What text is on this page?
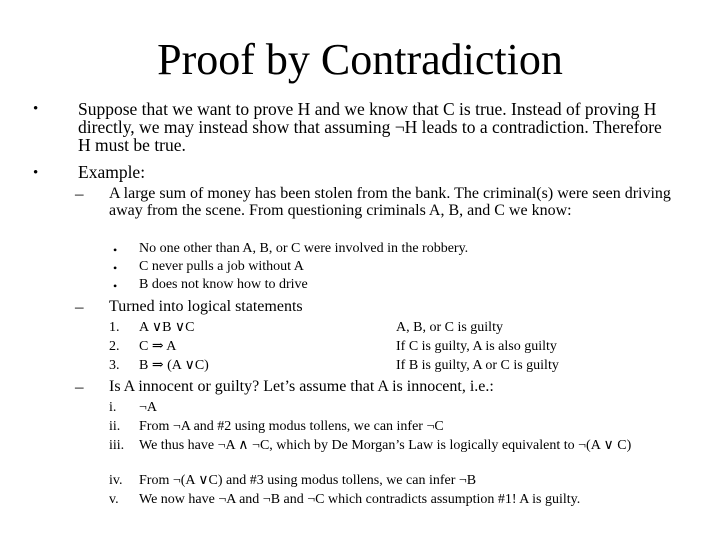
Proof by Contradiction
• Suppose that we want to prove H and we know that C is true. Instead of proving H directly, we may instead show that assuming ¬H leads to a contradiction. Therefore H must be true.
• Example:
– A large sum of money has been stolen from the bank. The criminal(s) were seen driving away from the scene. From questioning criminals A, B, and C we know:
• No one other than A, B, or C were involved in the robbery.
• C never pulls a job without A
• B does not know how to drive
– Turned into logical statements
1. A ∨B ∨C	A, B, or C is guilty
2. C ⇒ A	If C is guilty, A is also guilty
3. B ⇒ (A ∨C)	If B is guilty, A or C is guilty
– Is A innocent or guilty? Let’s assume that A is innocent, i.e.:
i. ¬A
ii. From ¬A and #2 using modus tollens, we can infer ¬C
iii. We thus have ¬A ∧ ¬C, which by De Morgan’s Law is logically equivalent to ¬(A ∨ C)
iv. From ¬(A ∨C) and #3 using modus tollens, we can infer ¬B
v. We now have ¬A and ¬B and ¬C which contradicts assumption #1! A is guilty.
